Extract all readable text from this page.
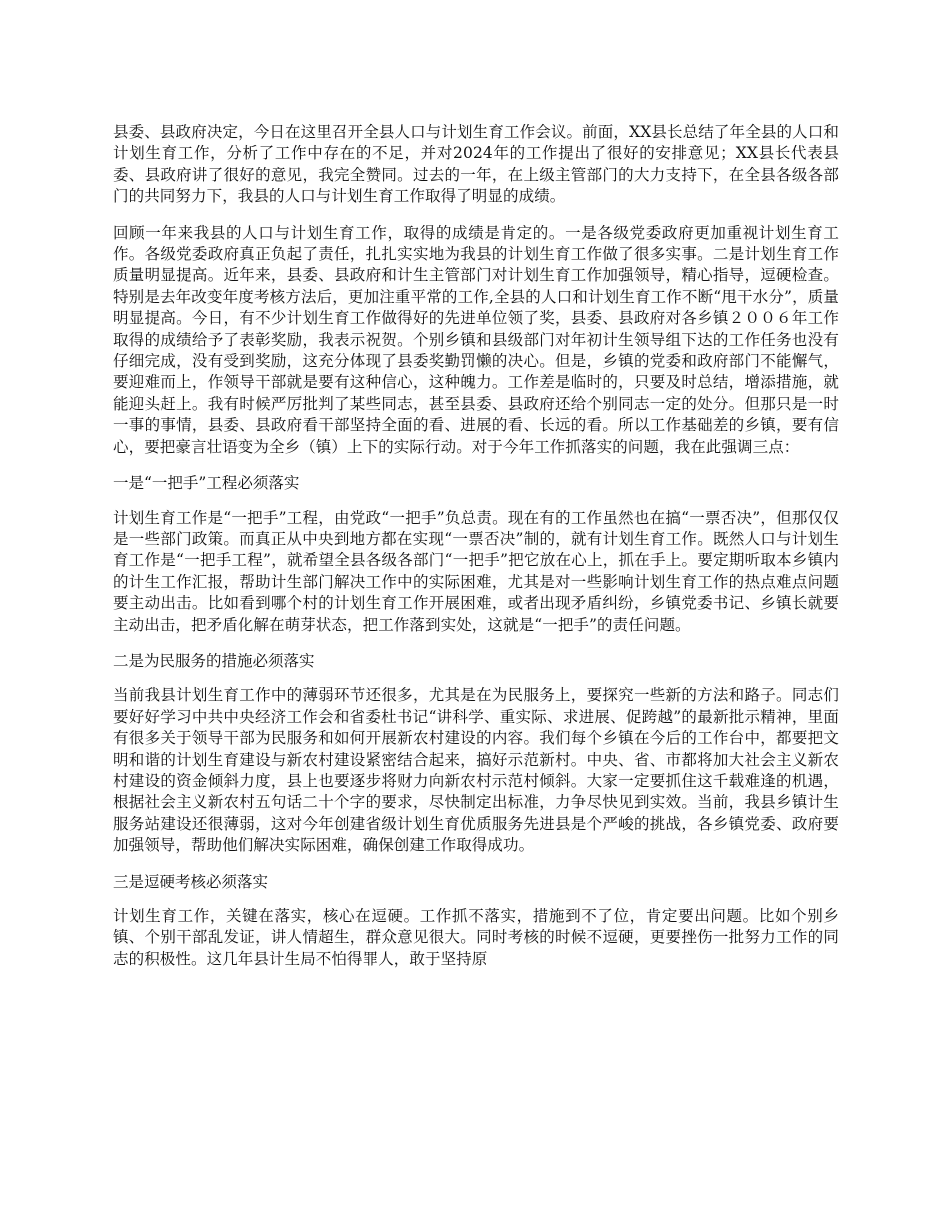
县委、县政府决定，今日在这里召开全县人口与计划生育工作会议。前面，XX县长总结了年全县的人口和计划生育工作，分析了工作中存在的不足，并对2024年的工作提出了很好的安排意见；XX县长代表县委、县政府讲了很好的意见，我完全赞同。过去的一年，在上级主管部门的大力支持下，在全县各级各部门的共同努力下，我县的人口与计划生育工作取得了明显的成绩。

回顾一年来我县的人口与计划生育工作，取得的成绩是肯定的。一是各级党委政府更加重视计划生育工作。各级党委政府真正负起了责任，扎扎实实地为我县的计划生育工作做了很多实事。二是计划生育工作质量明显提高。近年来，县委、县政府和计生主管部门对计划生育工作加强领导，精心指导，逗硬检查。特别是去年改变年度考核方法后，更加注重平常的工作,全县的人口和计划生育工作不断“甩干水分”，质量明显提高。今日，有不少计划生育工作做得好的先进单位领了奖，县委、县政府对各乡镇２００６年工作取得的成绩给予了表彰奖励，我表示祝贺。个别乡镇和县级部门对年初计生领导组下达的工作任务也没有仔细完成，没有受到奖励，这充分体现了县委奖勤罚懒的决心。但是，乡镇的党委和政府部门不能懈气，要迎难而上，作领导干部就是要有这种信心，这种魄力。工作差是临时的，只要及时总结，增添措施，就能迎头赶上。我有时候严厉批判了某些同志，甚至县委、县政府还给个别同志一定的处分。但那只是一时一事的事情，县委、县政府看干部坚持全面的看、进展的看、长远的看。所以工作基础差的乡镇，要有信心，要把豪言壮语变为全乡（镇）上下的实际行动。对于今年工作抓落实的问题，我在此强调三点：

一是“一把手”工程必须落实

计划生育工作是“一把手”工程，由党政“一把手”负总责。现在有的工作虽然也在搞“一票否决”，但那仅仅是一些部门政策。而真正从中央到地方都在实现“一票否决”制的，就有计划生育工作。既然人口与计划生育工作是“一把手工程”，就希望全县各级各部门“一把手”把它放在心上，抓在手上。要定期听取本乡镇内的计生工作汇报，帮助计生部门解决工作中的实际困难，尤其是对一些影响计划生育工作的热点难点问题要主动出击。比如看到哪个村的计划生育工作开展困难，或者出现矛盾纠纷，乡镇党委书记、乡镇长就要主动出击，把矛盾化解在萌芽状态，把工作落到实处，这就是“一把手”的责任问题。

二是为民服务的措施必须落实

当前我县计划生育工作中的薄弱环节还很多，尤其是在为民服务上，要探究一些新的方法和路子。同志们要好好学习中共中央经济工作会和省委杜书记“讲科学、重实际、求进展、促跨越”的最新批示精神，里面有很多关于领导干部为民服务和如何开展新农村建设的内容。我们每个乡镇在今后的工作台中，都要把文明和谐的计划生育建设与新农村建设紧密结合起来，搞好示范新村。中央、省、市都将加大社会主义新农村建设的资金倾斜力度，县上也要逐步将财力向新农村示范村倾斜。大家一定要抓住这千载难逢的机遇，根据社会主义新农村五句话二十个字的要求，尽快制定出标准，力争尽快见到实效。当前，我县乡镇计生服务站建设还很薄弱，这对今年创建省级计划生育优质服务先进县是个严峻的挑战，各乡镇党委、政府要加强领导，帮助他们解决实际困难，确保创建工作取得成功。

三是逗硬考核必须落实

计划生育工作，关键在落实，核心在逗硬。工作抓不落实，措施到不了位，肯定要出问题。比如个别乡镇、个别干部乱发证，讲人情超生，群众意见很大。同时考核的时候不逗硬，更要挫伤一批努力工作的同志的积极性。这几年县计生局不怕得罪人，敢于坚持原
